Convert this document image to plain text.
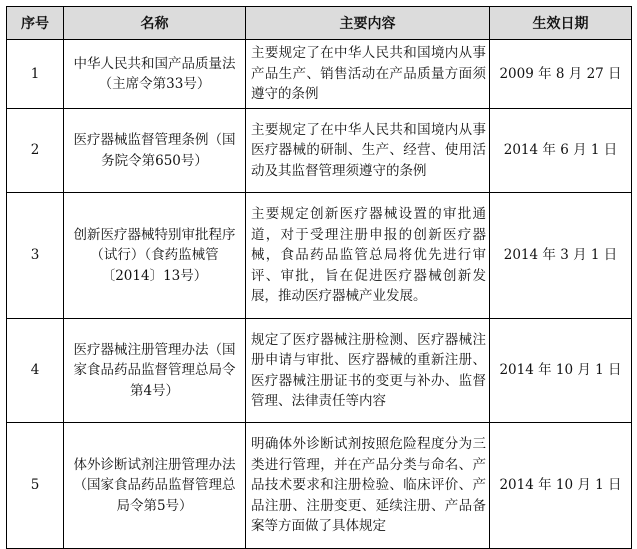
序号	名称	主要内容	生效日期
1	中华人民共和国产品质量法（主席令第33号）	主要规定了在中华人民共和国境内从事产品生产、销售活动在产品质量方面须遵守的条例	2009 年 8 月 27 日
2	医疗器械监督管理条例（国务院令第650号）	主要规定了在中华人民共和国境内从事医疗器械的研制、生产、经营、使用活动及其监督管理须遵守的条例	2014 年 6 月 1 日
3	创新医疗器械特别审批程序（试行）（食药监械管〔2014〕13号）	主要规定创新医疗器械设置的审批通道，对于受理注册申报的创新医疗器械，食品药品监管总局将优先进行审评、审批，旨在促进医疗器械创新发展，推动医疗器械产业发展。	2014 年 3 月 1 日
4	医疗器械注册管理办法（国家食品药品监督管理总局令第4号）	规定了医疗器械注册检测、医疗器械注册申请与审批、医疗器械的重新注册、医疗器械注册证书的变更与补办、监督管理、法律责任等内容	2014 年 10 月 1 日
5	体外诊断试剂注册管理办法（国家食品药品监督管理总局令第5号）	明确体外诊断试剂按照危险程度分为三类进行管理，并在产品分类与命名、产品技术要求和注册检验、临床评价、产品注册、注册变更、延续注册、产品备案等方面做了具体规定	2014 年 10 月 1 日
